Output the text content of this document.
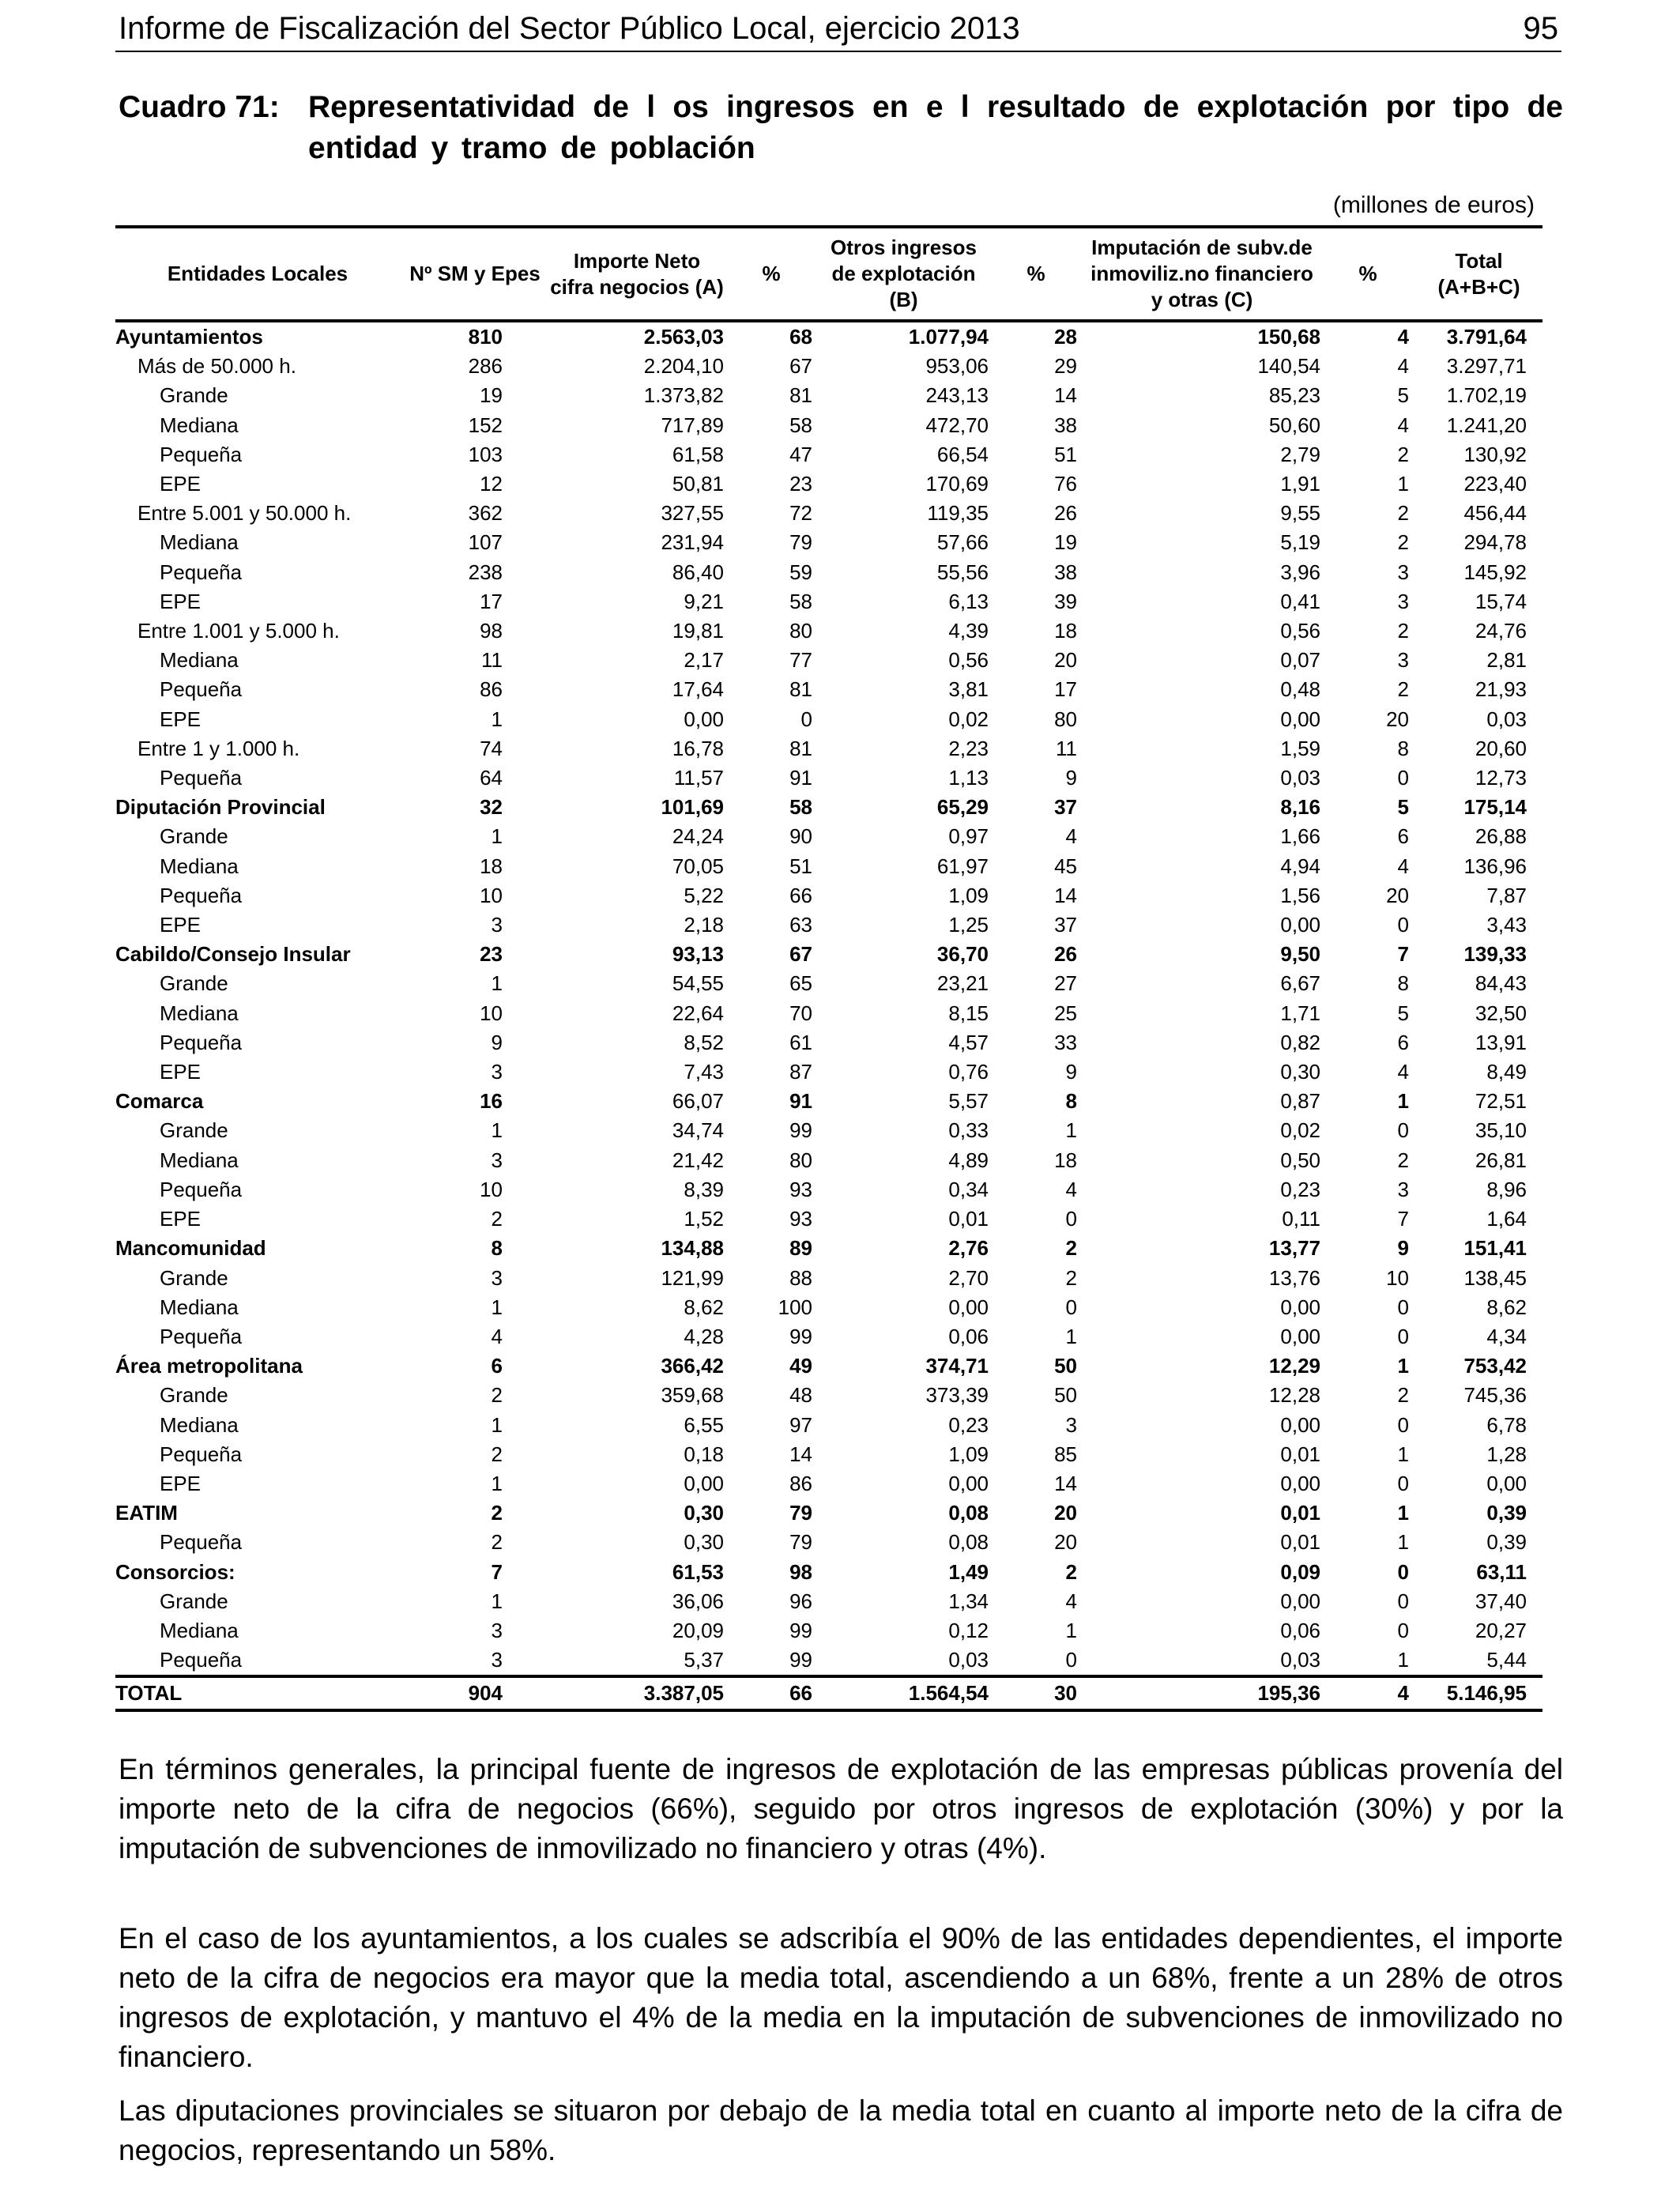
Informe de Fiscalización del Sector Público Local, ejercicio 2013	95
Cuadro 71: Representatividad de l os ingresos en e l resultado de explotación por tipo de entidad y tramo de población
(millones de euros)
Entidades Locales	Nº SM y Epes	Importe Neto cifra negocios (A)	%	Otros ingresos de explotación (B)	%	Imputación de subv.de inmoviliz.no financiero y otras (C)	%	Total (A+B+C)
Ayuntamientos	810	2.563,03	68	1.077,94	28	150,68	4	3.791,64
Más de 50.000 h.	286	2.204,10	67	953,06	29	140,54	4	3.297,71
Grande	19	1.373,82	81	243,13	14	85,23	5	1.702,19
Mediana	152	717,89	58	472,70	38	50,60	4	1.241,20
Pequeña	103	61,58	47	66,54	51	2,79	2	130,92
EPE	12	50,81	23	170,69	76	1,91	1	223,40
Entre 5.001 y 50.000 h.	362	327,55	72	119,35	26	9,55	2	456,44
Mediana	107	231,94	79	57,66	19	5,19	2	294,78
Pequeña	238	86,40	59	55,56	38	3,96	3	145,92
EPE	17	9,21	58	6,13	39	0,41	3	15,74
Entre 1.001 y 5.000 h.	98	19,81	80	4,39	18	0,56	2	24,76
Mediana	11	2,17	77	0,56	20	0,07	3	2,81
Pequeña	86	17,64	81	3,81	17	0,48	2	21,93
EPE	1	0,00	0	0,02	80	0,00	20	0,03
Entre 1 y 1.000 h.	74	16,78	81	2,23	11	1,59	8	20,60
Pequeña	64	11,57	91	1,13	9	0,03	0	12,73
Diputación Provincial	32	101,69	58	65,29	37	8,16	5	175,14
Grande	1	24,24	90	0,97	4	1,66	6	26,88
Mediana	18	70,05	51	61,97	45	4,94	4	136,96
Pequeña	10	5,22	66	1,09	14	1,56	20	7,87
EPE	3	2,18	63	1,25	37	0,00	0	3,43
Cabildo/Consejo Insular	23	93,13	67	36,70	26	9,50	7	139,33
Grande	1	54,55	65	23,21	27	6,67	8	84,43
Mediana	10	22,64	70	8,15	25	1,71	5	32,50
Pequeña	9	8,52	61	4,57	33	0,82	6	13,91
EPE	3	7,43	87	0,76	9	0,30	4	8,49
Comarca	16	66,07	91	5,57	8	0,87	1	72,51
Grande	1	34,74	99	0,33	1	0,02	0	35,10
Mediana	3	21,42	80	4,89	18	0,50	2	26,81
Pequeña	10	8,39	93	0,34	4	0,23	3	8,96
EPE	2	1,52	93	0,01	0	0,11	7	1,64
Mancomunidad	8	134,88	89	2,76	2	13,77	9	151,41
Grande	3	121,99	88	2,70	2	13,76	10	138,45
Mediana	1	8,62	100	0,00	0	0,00	0	8,62
Pequeña	4	4,28	99	0,06	1	0,00	0	4,34
Área metropolitana	6	366,42	49	374,71	50	12,29	1	753,42
Grande	2	359,68	48	373,39	50	12,28	2	745,36
Mediana	1	6,55	97	0,23	3	0,00	0	6,78
Pequeña	2	0,18	14	1,09	85	0,01	1	1,28
EPE	1	0,00	86	0,00	14	0,00	0	0,00
EATIM	2	0,30	79	0,08	20	0,01	1	0,39
Pequeña	2	0,30	79	0,08	20	0,01	1	0,39
Consorcios:	7	61,53	98	1,49	2	0,09	0	63,11
Grande	1	36,06	96	1,34	4	0,00	0	37,40
Mediana	3	20,09	99	0,12	1	0,06	0	20,27
Pequeña	3	5,37	99	0,03	0	0,03	1	5,44
TOTAL	904	3.387,05	66	1.564,54	30	195,36	4	5.146,95

En términos generales, la principal fuente de ingresos de explotación de las empresas públicas provenía del importe neto de la cifra de negocios (66%), seguido por otros ingresos de explotación (30%) y por la imputación de subvenciones de inmovilizado no financiero y otras (4%).

En el caso de los ayuntamientos, a los cuales se adscribía el 90% de las entidades dependientes, el importe neto de la cifra de negocios era mayor que la media total, ascendiendo a un 68%, frente a un 28% de otros ingresos de explotación, y mantuvo el 4% de la media en la imputación de subvenciones de inmovilizado no financiero.

Las diputaciones provinciales se situaron por debajo de la media total en cuanto al importe neto de la cifra de negocios, representando un 58%.
